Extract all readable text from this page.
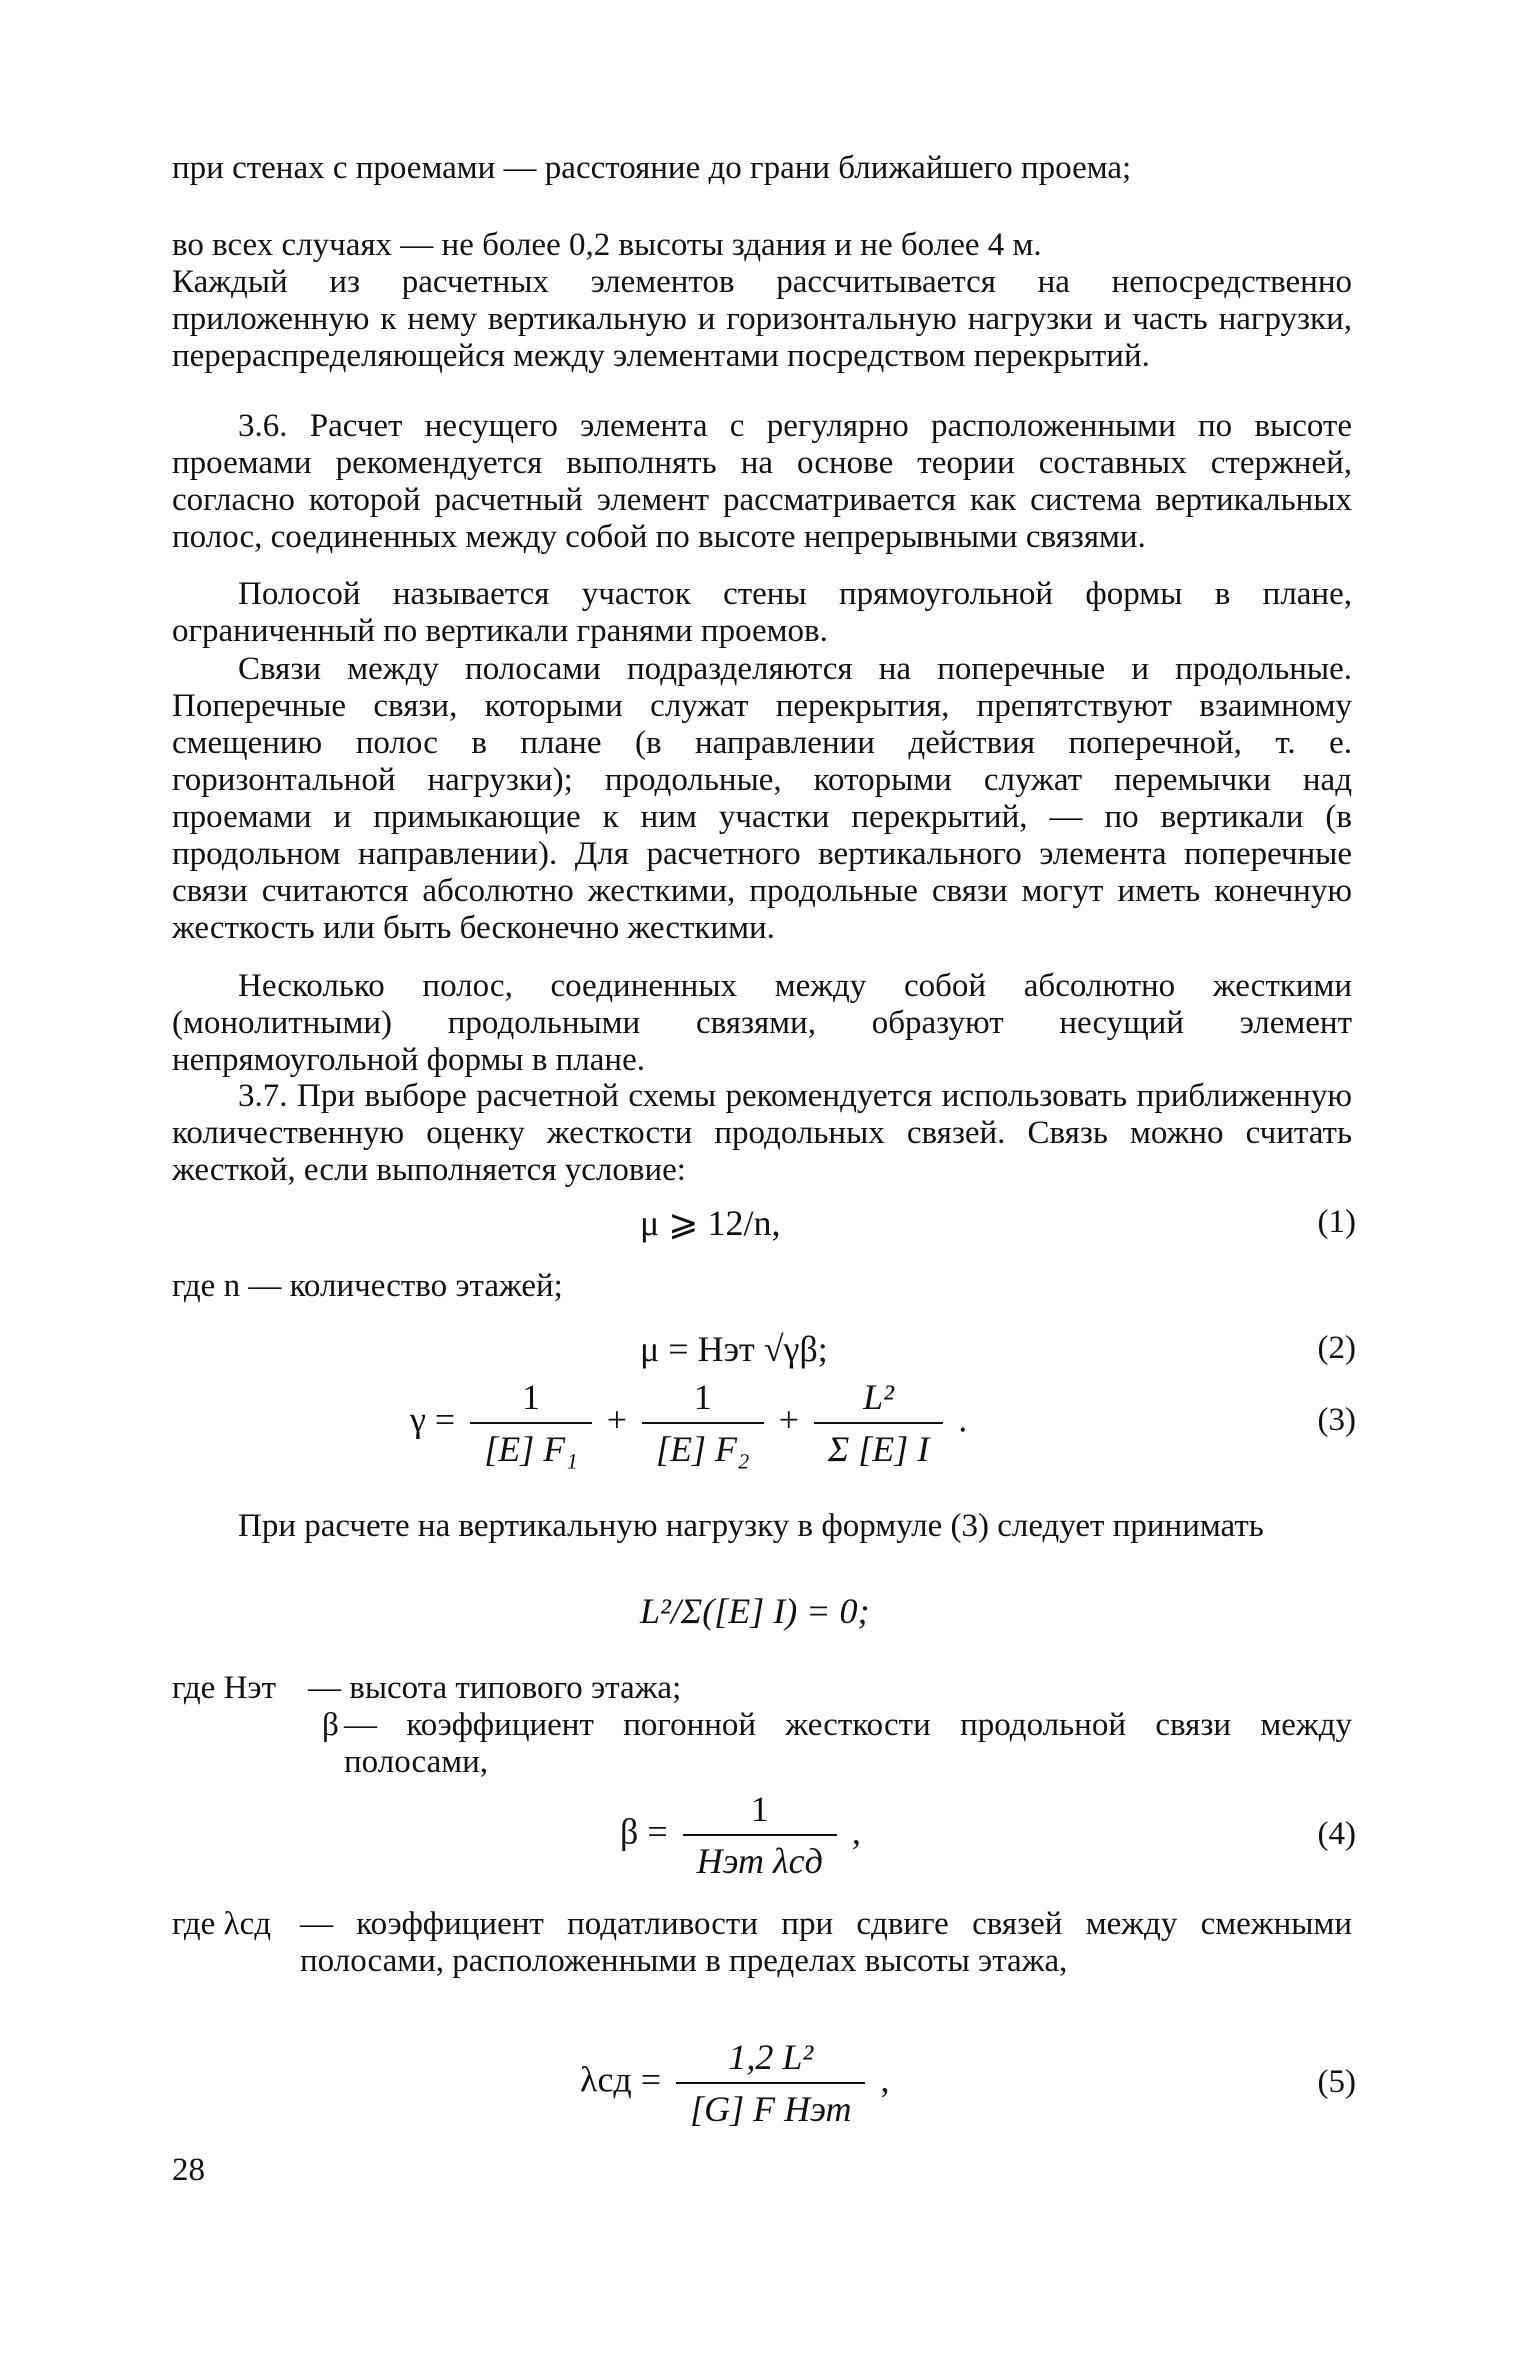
при стенах с проемами — расстояние до грани ближайшего проема;
во всех случаях — не более 0,2 высоты здания и не более 4 м.
Каждый из расчетных элементов рассчитывается на непосредственно приложенную к нему вертикальную и горизонтальную нагрузки и часть нагрузки, перераспределяющейся между элементами посредством перекрытий.
3.6. Расчет несущего элемента с регулярно расположенными по высоте проемами рекомендуется выполнять на основе теории составных стержней, согласно которой расчетный элемент рассматривается как система вертикальных полос, соединенных между собой по высоте непрерывными связями.
Полосой называется участок стены прямоугольной формы в плане, ограниченный по вертикали гранями проемов.
Связи между полосами подразделяются на поперечные и продольные. Поперечные связи, которыми служат перекрытия, препятствуют взаимному смещению полос в плане (в направлении действия поперечной, т. е. горизонтальной нагрузки); продольные, которыми служат перемычки над проемами и примыкающие к ним участки перекрытий, — по вертикали (в продольном направлении). Для расчетного вертикального элемента поперечные связи считаются абсолютно жесткими, продольные связи могут иметь конечную жесткость или быть бесконечно жесткими.
Несколько полос, соединенных между собой абсолютно жесткими (монолитными) продольными связями, образуют несущий элемент непрямоугольной формы в плане.
3.7. При выборе расчетной схемы рекомендуется использовать приближенную количественную оценку жесткости продольных связей. Связь можно считать жесткой, если выполняется условие:
μ ⩾ 12/n,	(1)
где n — количество этажей;
μ = Hэт √γβ;	(2)
$\gamma = \frac{1}{\text{[E] F₁}} + \frac{1}{\text{[E] F₂}} + \frac{\text{L²}}{\Sigma [E] I}$ .	(3)
При расчете на вертикальную нагрузку в формуле (3) следует принимать
L²/Σ([E] I) = 0;
где Hэт — высота типового этажа;
β — коэффициент погонной жесткости продольной связи между полосами,
$\beta = \frac{1}{\text{Hэт λсд}}$ ,	(4)
где λсд — коэффициент податливости при сдвиге связей между смежными полосами, расположенными в пределах высоты этажа,
$\lambda сд = \frac{\text{1,2 L²}}{\text{[G] F Hэт}}$ ,	(5)
28
